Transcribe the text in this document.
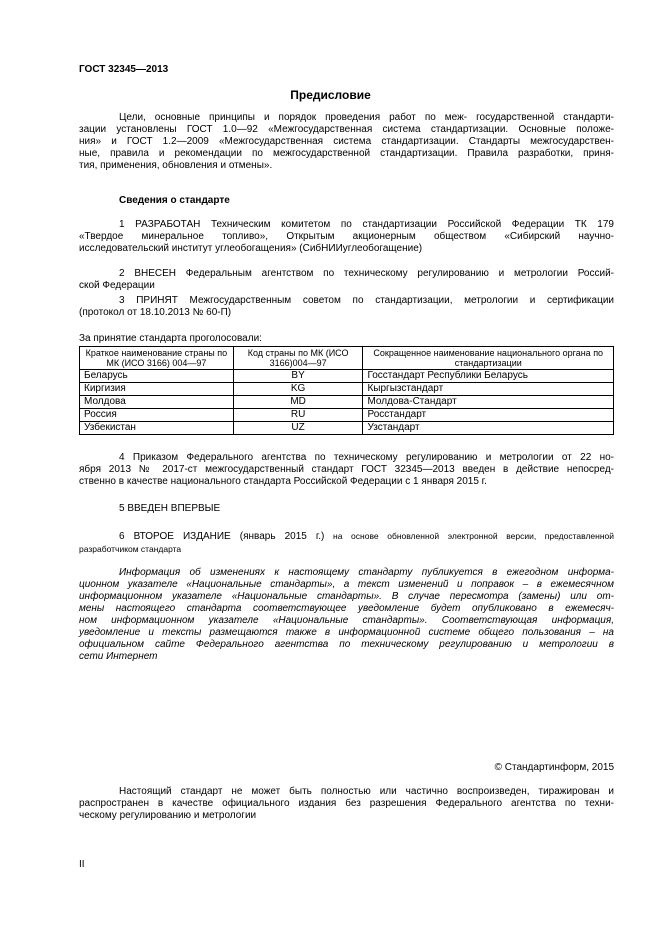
ГОСТ 32345—2013
Предисловие
Цели, основные принципы и порядок проведения работ по меж- государственной стандарти-
зации установлены ГОСТ 1.0—92 «Межгосударственная система стандартизации. Основные положе-
ния» и ГОСТ 1.2—2009 «Межгосударственная система стандартизации. Стандарты межгосударствен-
ные, правила и рекомендации по межгосударственной стандартизации. Правила разработки, приня-
тия, применения, обновления и отмены».
Сведения о стандарте
1 РАЗРАБОТАН Техническим комитетом по стандартизации Российской Федерации ТК 179
«Твердое минеральное топливо», Открытым акционерным обществом «Сибирский научно-
исследовательский институт углеобогащения» (СибНИИуглеобогащение)
2 ВНЕСЕН Федеральным агентством по техническому регулированию и метрологии Россий-
ской Федерации
3 ПРИНЯТ Межгосударственным советом по стандартизации, метрологии и сертификации
(протокол от 18.10.2013 № 60-П)
За принятие стандарта проголосовали:
Краткое наименование страны по МК (ИСО 3166) 004—97	Код страны по МК (ИСО 3166)004—97	Сокращенное наименование национального органа по стандартизации
Беларусь	BY	Госстандарт Республики Беларусь
Киргизия	KG	Кыргызстандарт
Молдова	MD	Молдова-Стандарт
Россия	RU	Росстандарт
Узбекистан	UZ	Узстандарт
4 Приказом Федерального агентства по техническому регулированию и метрологии от 22 но-
ября 2013 № 2017-ст межгосударственный стандарт ГОСТ 32345—2013 введен в действие непосред-
ственно в качестве национального стандарта Российской Федерации с 1 января 2015 г.
5 ВВЕДЕН ВПЕРВЫЕ
6 ВТОРОЕ ИЗДАНИЕ (январь 2015 г.) на основе обновленной электронной версии, предоставленной
разработчиком стандарта
Информация об изменениях к настоящему стандарту публикуется в ежегодном информа-
ционном указателе «Национальные стандарты», а текст изменений и поправок – в ежемесячном
информационном указателе «Национальные стандарты». В случае пересмотра (замены) или от-
мены настоящего стандарта соответствующее уведомление будет опубликовано в ежемесяч-
ном информационном указателе «Национальные стандарты». Соответствующая информация,
уведомление и тексты размещаются также в информационной системе общего пользования – на
официальном сайте Федерального агентства по техническому регулированию и метрологии в
сети Интернет
© Стандартинформ, 2015
Настоящий стандарт не может быть полностью или частично воспроизведен, тиражирован и
распространен в качестве официального издания без разрешения Федерального агентства по техни-
ческому регулированию и метрологии
II
